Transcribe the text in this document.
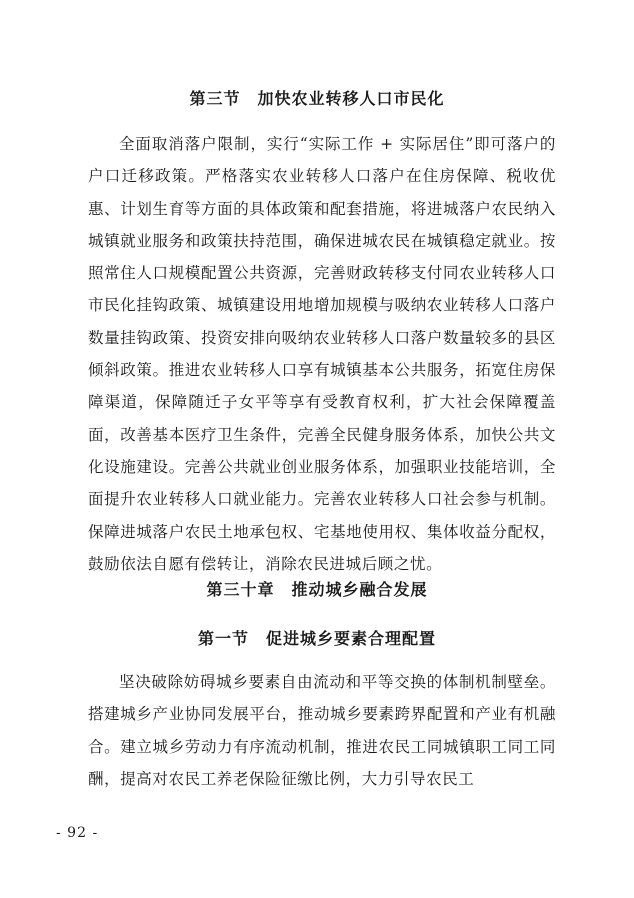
第三节　加快农业转移人口市民化

全面取消落户限制，实行“实际工作 + 实际居住”即可落户的户口迁移政策。严格落实农业转移人口落户在住房保障、税收优惠、计划生育等方面的具体政策和配套措施，将进城落户农民纳入城镇就业服务和政策扶持范围，确保进城农民在城镇稳定就业。按照常住人口规模配置公共资源，完善财政转移支付同农业转移人口市民化挂钩政策、城镇建设用地增加规模与吸纳农业转移人口落户数量挂钩政策、投资安排向吸纳农业转移人口落户数量较多的县区倾斜政策。推进农业转移人口享有城镇基本公共服务，拓宽住房保障渠道，保障随迁子女平等享有受教育权利，扩大社会保障覆盖面，改善基本医疗卫生条件，完善全民健身服务体系，加快公共文化设施建设。完善公共就业创业服务体系，加强职业技能培训，全面提升农业转移人口就业能力。完善农业转移人口社会参与机制。保障进城落户农民土地承包权、宅基地使用权、集体收益分配权，鼓励依法自愿有偿转让，消除农民进城后顾之忧。

第三十章　推动城乡融合发展
第一节　促进城乡要素合理配置

坚决破除妨碍城乡要素自由流动和平等交换的体制机制壁垒。搭建城乡产业协同发展平台，推动城乡要素跨界配置和产业有机融合。建立城乡劳动力有序流动机制，推进农民工同城镇职工同工同酬，提高对农民工养老保险征缴比例，大力引导农民工

- 92 -
